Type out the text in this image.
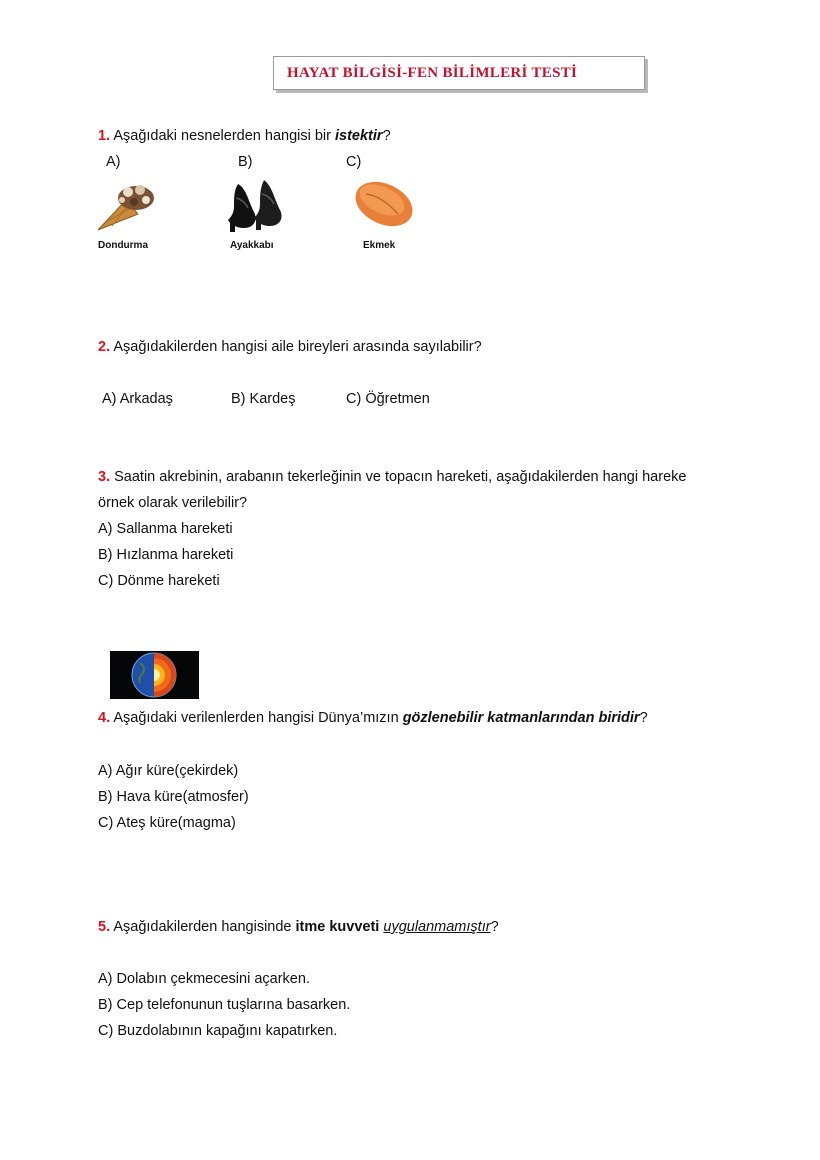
HAYAT BİLGİSİ-FEN BİLİMLERİ TESTİ
1. Aşağıdaki nesnelerden hangisi bir istektir?
A)	B)	C)
Dondurma	Ayakkabı	Ekmek
2. Aşağıdakilerden hangisi aile bireyleri arasında sayılabilir?
A) Arkadaş	B) Kardeş	C) Öğretmen
3. Saatin akrebinin, arabanın tekerleğinin ve topacın hareketi, aşağıdakilerden hangi hareke
örnek olarak verilebilir?
A) Sallanma hareketi
B) Hızlanma hareketi
C) Dönme hareketi
4. Aşağıdaki verilenlerden hangisi Dünya’mızın gözlenebilir katmanlarından biridir?
A) Ağır küre(çekirdek)
B) Hava küre(atmosfer)
C) Ateş küre(magma)
5. Aşağıdakilerden hangisinde itme kuvveti uygulanmamıştır?
A) Dolabın çekmecesini açarken.
B) Cep telefonunun tuşlarına basarken.
C) Buzdolabının kapağını kapatırken.
